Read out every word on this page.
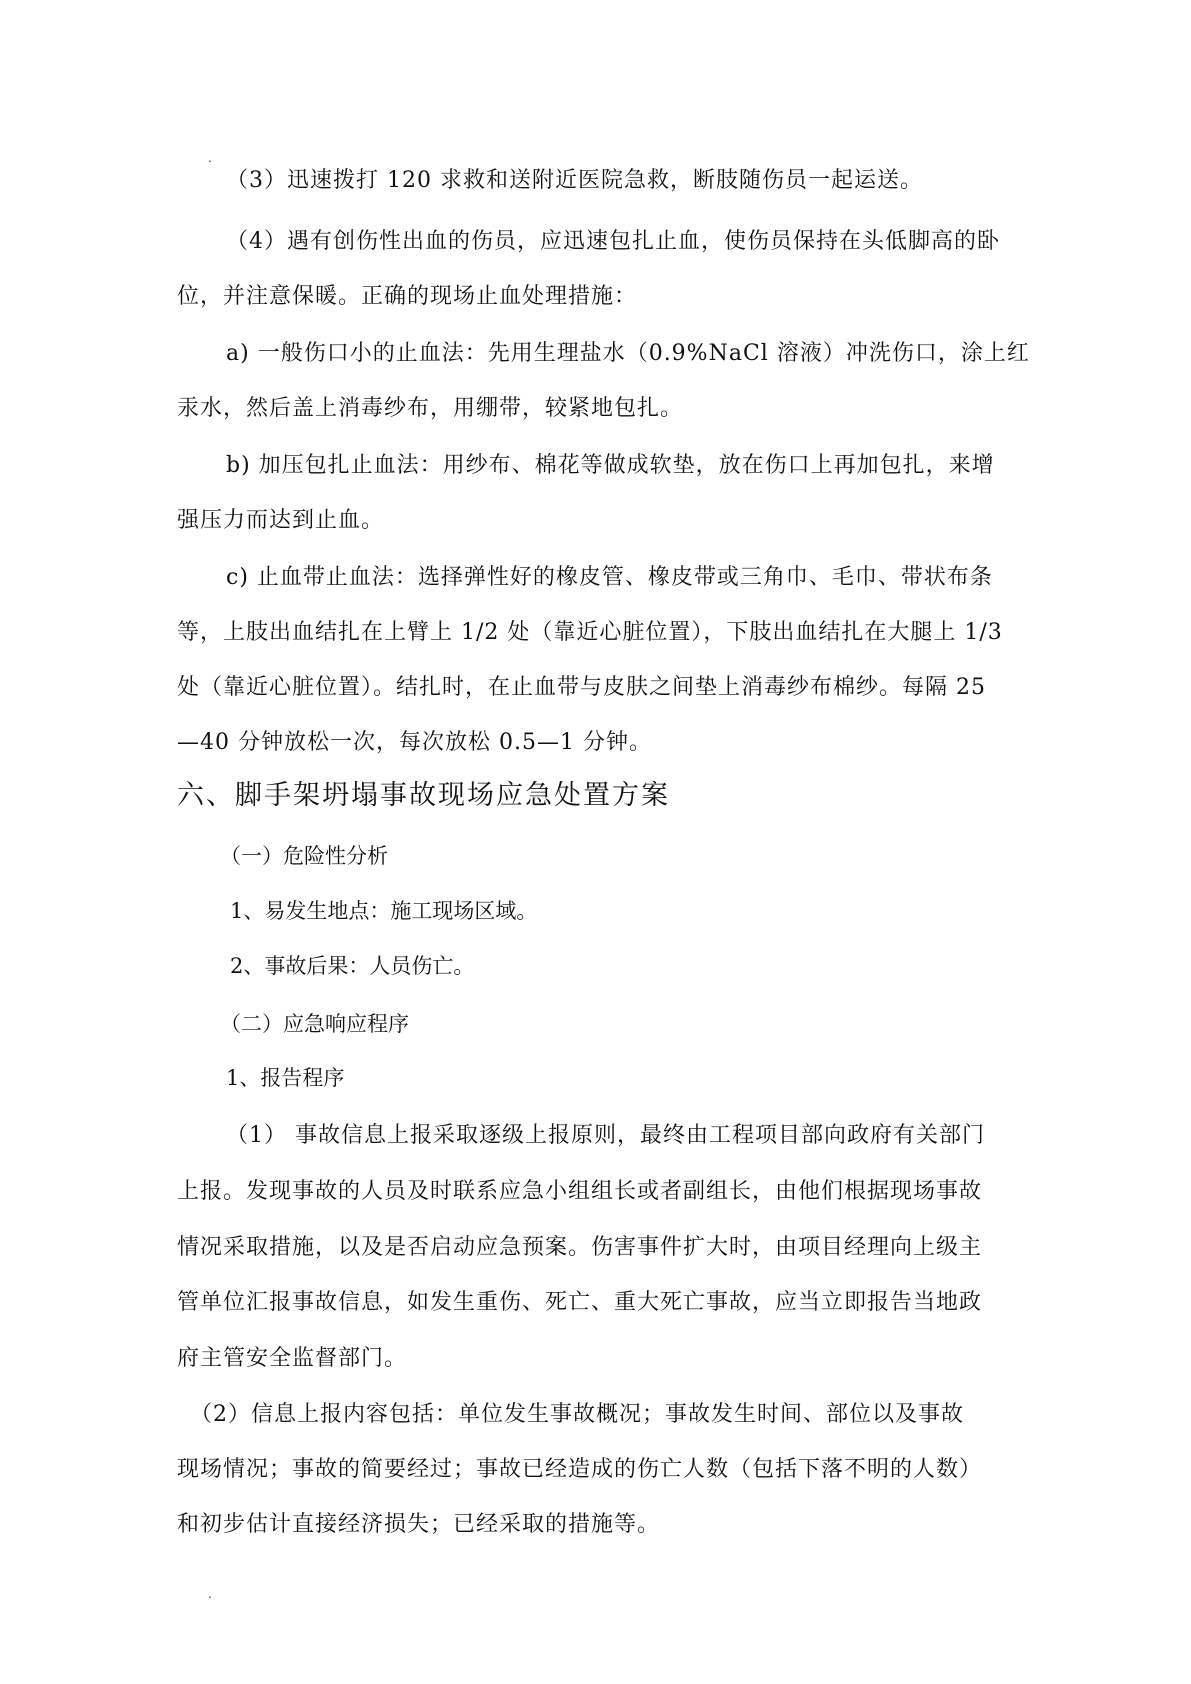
.
（3）迅速拨打 120 求救和送附近医院急救，断肢随伤员一起运送。
（4）遇有创伤性出血的伤员，应迅速包扎止血，使伤员保持在头低脚高的卧
位，并注意保暖。正确的现场止血处理措施：
a) 一般伤口小的止血法：先用生理盐水（0.9%NaCl 溶液）冲洗伤口，涂上红
汞水，然后盖上消毒纱布，用绷带，较紧地包扎。
b) 加压包扎止血法：用纱布、棉花等做成软垫，放在伤口上再加包扎，来增
强压力而达到止血。
c) 止血带止血法：选择弹性好的橡皮管、橡皮带或三角巾、毛巾、带状布条
等，上肢出血结扎在上臂上 1/2 处（靠近心脏位置），下肢出血结扎在大腿上 1/3
处（靠近心脏位置）。结扎时，在止血带与皮肤之间垫上消毒纱布棉纱。每隔 25
—40 分钟放松一次，每次放松 0.5—1 分钟。
六、脚手架坍塌事故现场应急处置方案
（一）危险性分析
1、易发生地点：施工现场区域。
2、事故后果：人员伤亡。
（二）应急响应程序
1、报告程序
（1） 事故信息上报采取逐级上报原则，最终由工程项目部向政府有关部门
上报。发现事故的人员及时联系应急小组组长或者副组长，由他们根据现场事故
情况采取措施，以及是否启动应急预案。伤害事件扩大时，由项目经理向上级主
管单位汇报事故信息，如发生重伤、死亡、重大死亡事故，应当立即报告当地政
府主管安全监督部门。
（2）信息上报内容包括：单位发生事故概况；事故发生时间、部位以及事故
现场情况；事故的简要经过；事故已经造成的伤亡人数（包括下落不明的人数）
和初步估计直接经济损失；已经采取的措施等。
.
